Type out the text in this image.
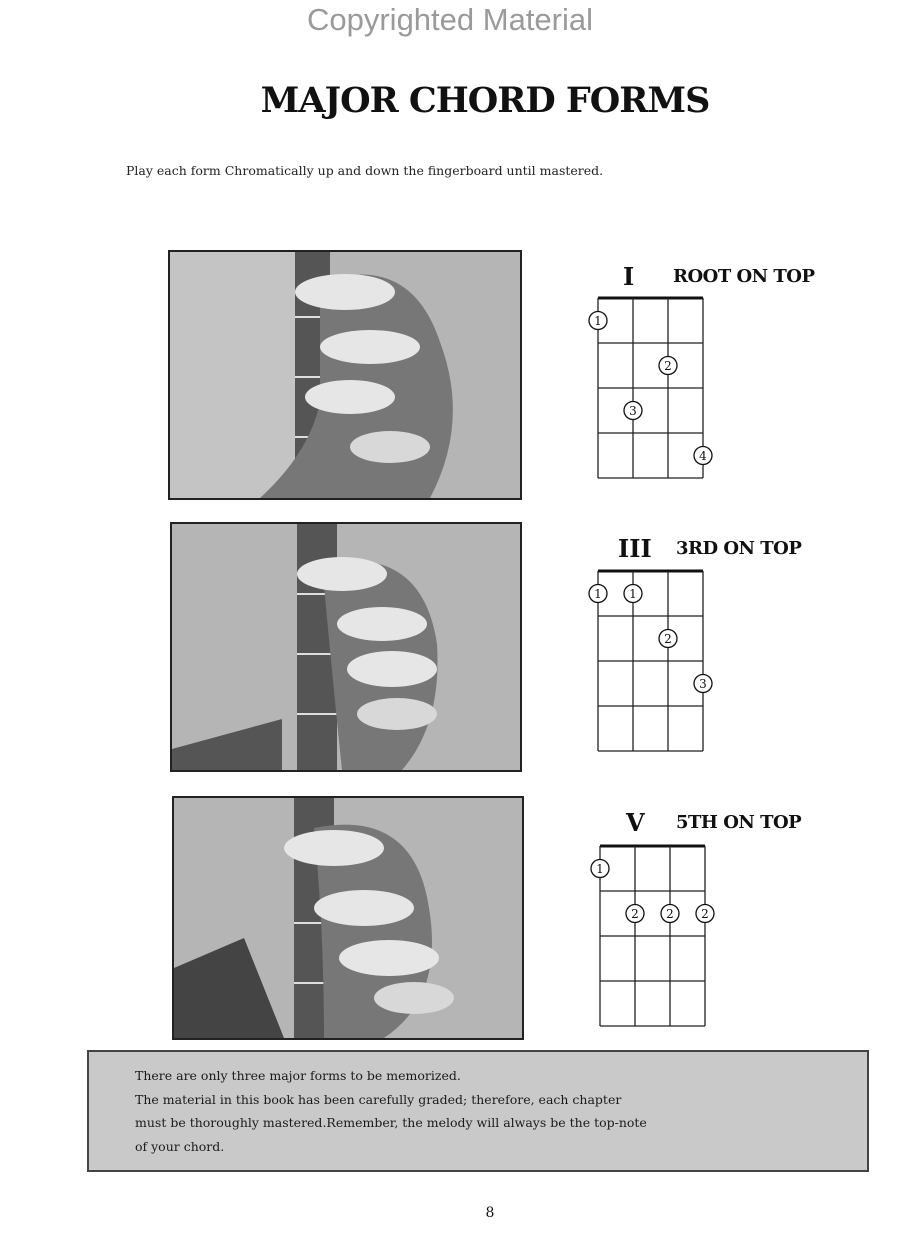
Copyrighted Material
MAJOR CHORD FORMS
Play each form Chromatically up and down the fingerboard until mastered.
I ROOT ON TOP
1
2
3
4
III 3RD ON TOP
1 1
2
3
V 5TH ON TOP
1
2 2 2
There are only three major forms to be memorized.
The material in this book has been carefully graded; therefore, each chapter
must be thoroughly mastered.Remember, the melody will always be the top-note
of your chord.
8
